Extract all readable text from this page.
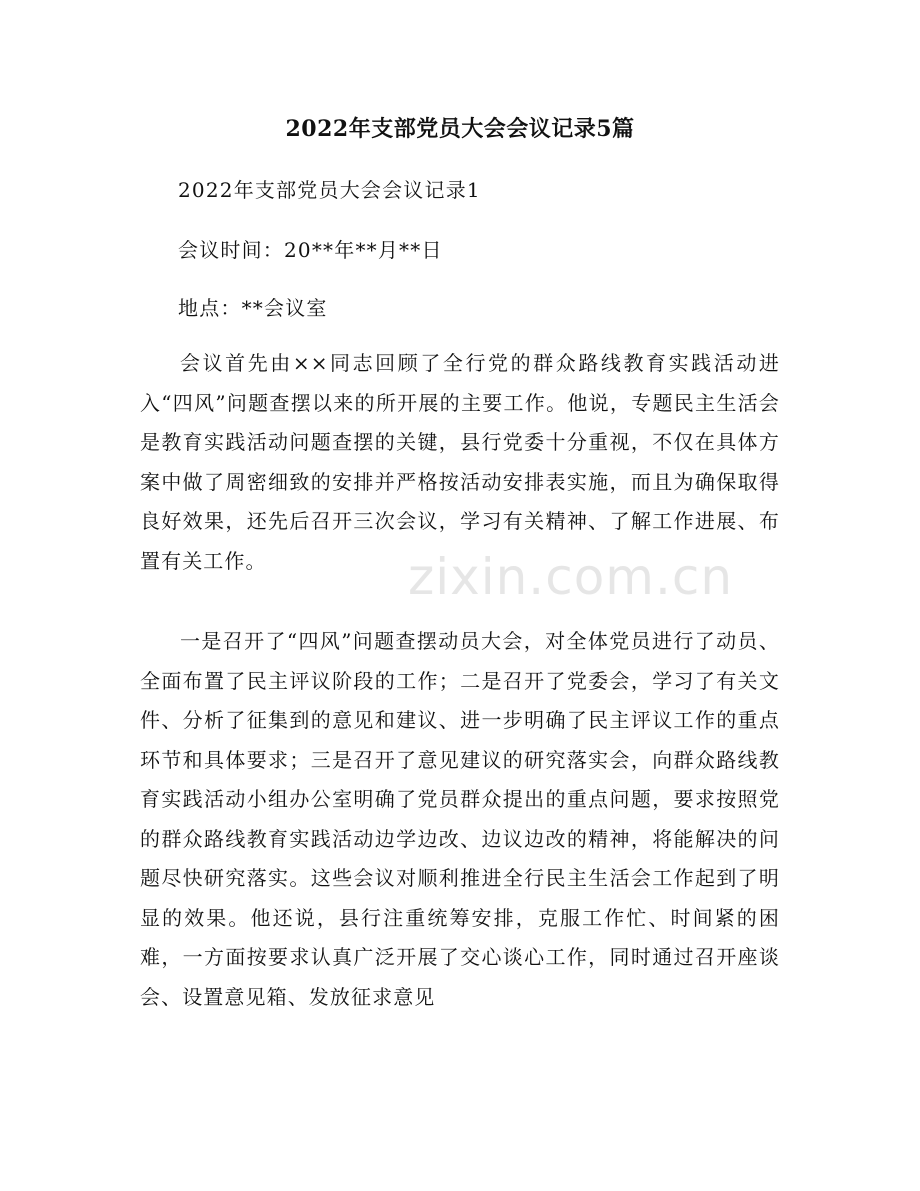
2022年支部党员大会会议记录5篇
2022年支部党员大会会议记录1
会议时间：20**年**月**日
地点：**会议室

会议首先由××同志回顾了全行党的群众路线教育实践活动进入“四风”问题查摆以来的所开展的主要工作。他说，专题民主生活会是教育实践活动问题查摆的关键，县行党委十分重视，不仅在具体方案中做了周密细致的安排并严格按活动安排表实施，而且为确保取得良好效果，还先后召开三次会议，学习有关精神、了解工作进展、布置有关工作。

一是召开了“四风”问题查摆动员大会，对全体党员进行了动员、全面布置了民主评议阶段的工作；二是召开了党委会，学习了有关文件、分析了征集到的意见和建议、进一步明确了民主评议工作的重点环节和具体要求；三是召开了意见建议的研究落实会，向群众路线教育实践活动小组办公室明确了党员群众提出的重点问题，要求按照党的群众路线教育实践活动边学边改、边议边改的精神，将能解决的问题尽快研究落实。这些会议对顺利推进全行民主生活会工作起到了明显的效果。他还说，县行注重统筹安排，克服工作忙、时间紧的困难，一方面按要求认真广泛开展了交心谈心工作，同时通过召开座谈会、设置意见箱、发放征求意见

zixin.com.cn
